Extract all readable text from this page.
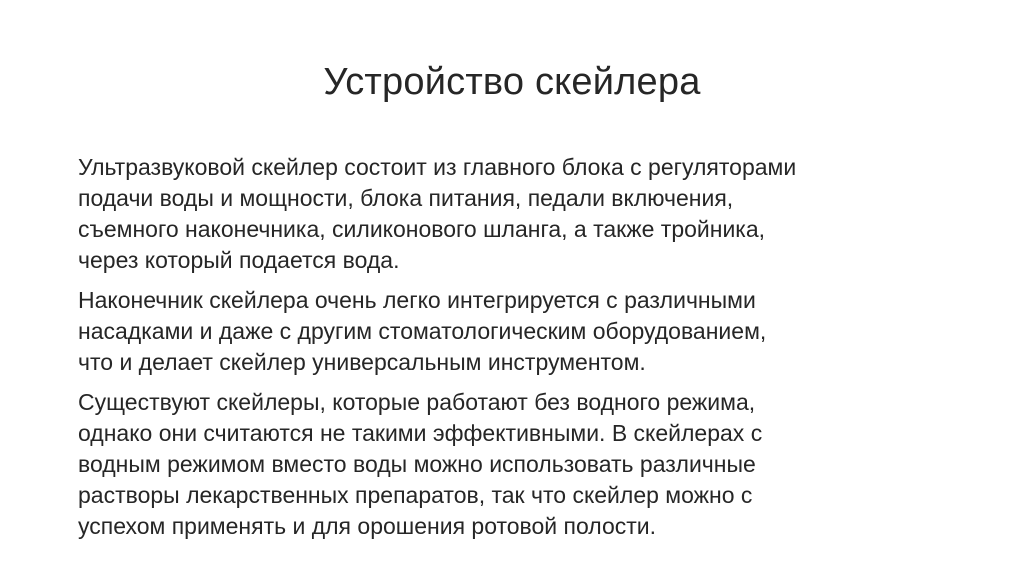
Устройство скейлера

Ультразвуковой скейлер состоит из главного блока с регуляторами
подачи воды и мощности, блока питания, педали включения,
съемного наконечника, силиконового шланга, а также тройника,
через который подается вода.

Наконечник скейлера очень легко интегрируется с различными
насадками и даже с другим стоматологическим оборудованием,
что и делает скейлер универсальным инструментом.

Существуют скейлеры, которые работают без водного режима,
однако они считаются не такими эффективными. В скейлерах с
водным режимом вместо воды можно использовать различные
растворы лекарственных препаратов, так что скейлер можно с
успехом применять и для орошения ротовой полости.
